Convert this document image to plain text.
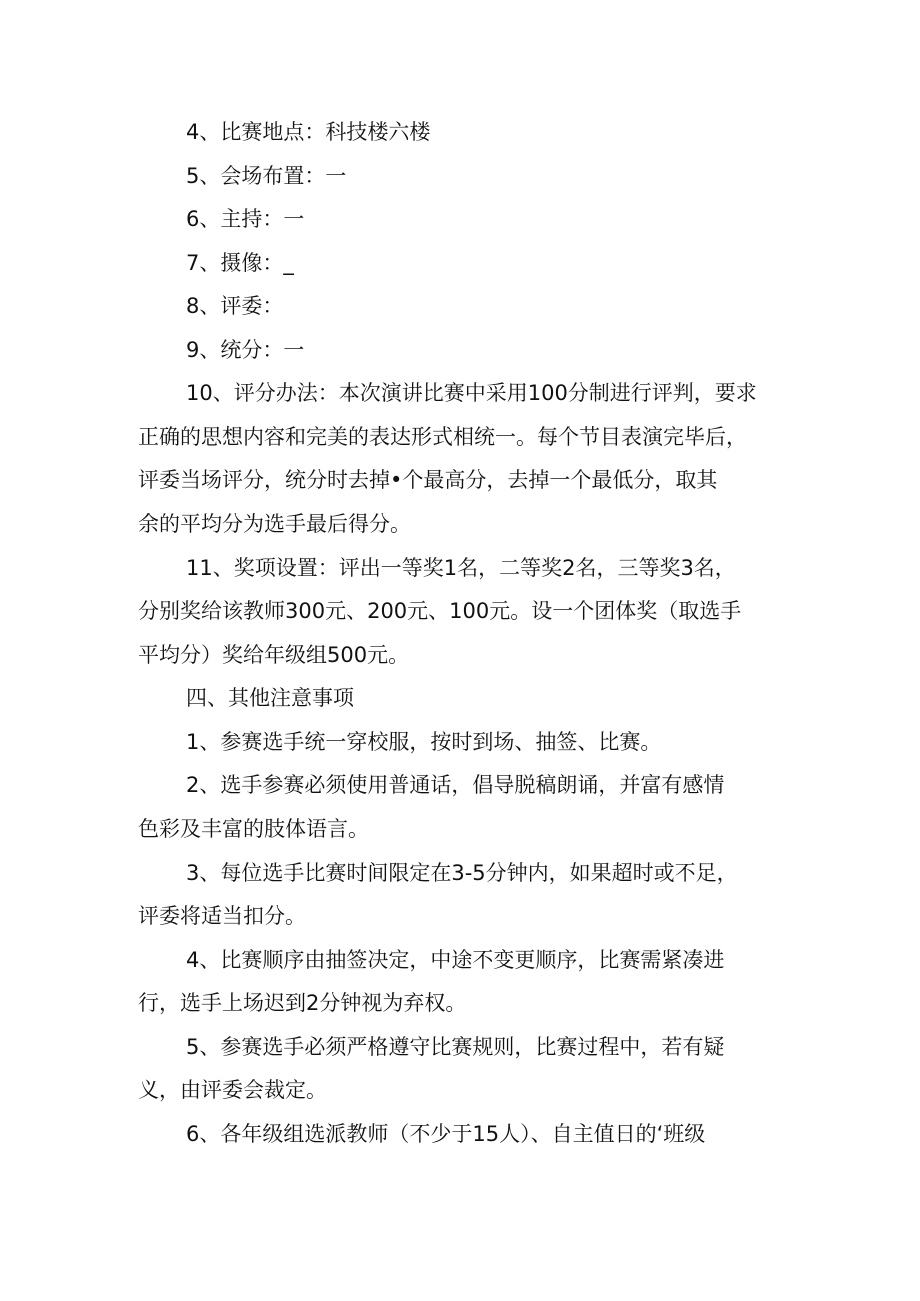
4、比赛地点：科技楼六楼
5、会场布置：一
6、主持：一
7、摄像：_
8、评委：
9、统分：一
10、评分办法：本次演讲比赛中采用100分制进行评判，要求
正确的思想内容和完美的表达形式相统一。每个节目表演完毕后，
评委当场评分，统分时去掉•个最高分，去掉一个最低分，取其
余的平均分为选手最后得分。
11、奖项设置：评出一等奖1名，二等奖2名，三等奖3名，
分别奖给该教师300元、200元、100元。设一个团体奖（取选手
平均分）奖给年级组500元。
四、其他注意事项
1、参赛选手统一穿校服，按时到场、抽签、比赛。
2、选手参赛必须使用普通话，倡导脱稿朗诵，并富有感情
色彩及丰富的肢体语言。
3、每位选手比赛时间限定在3-5分钟内，如果超时或不足，
评委将适当扣分。
4、比赛顺序由抽签决定，中途不变更顺序，比赛需紧凑进
行，选手上场迟到2分钟视为弃权。
5、参赛选手必须严格遵守比赛规则，比赛过程中，若有疑
义，由评委会裁定。
6、各年级组选派教师（不少于15人）、自主值日的‘班级
